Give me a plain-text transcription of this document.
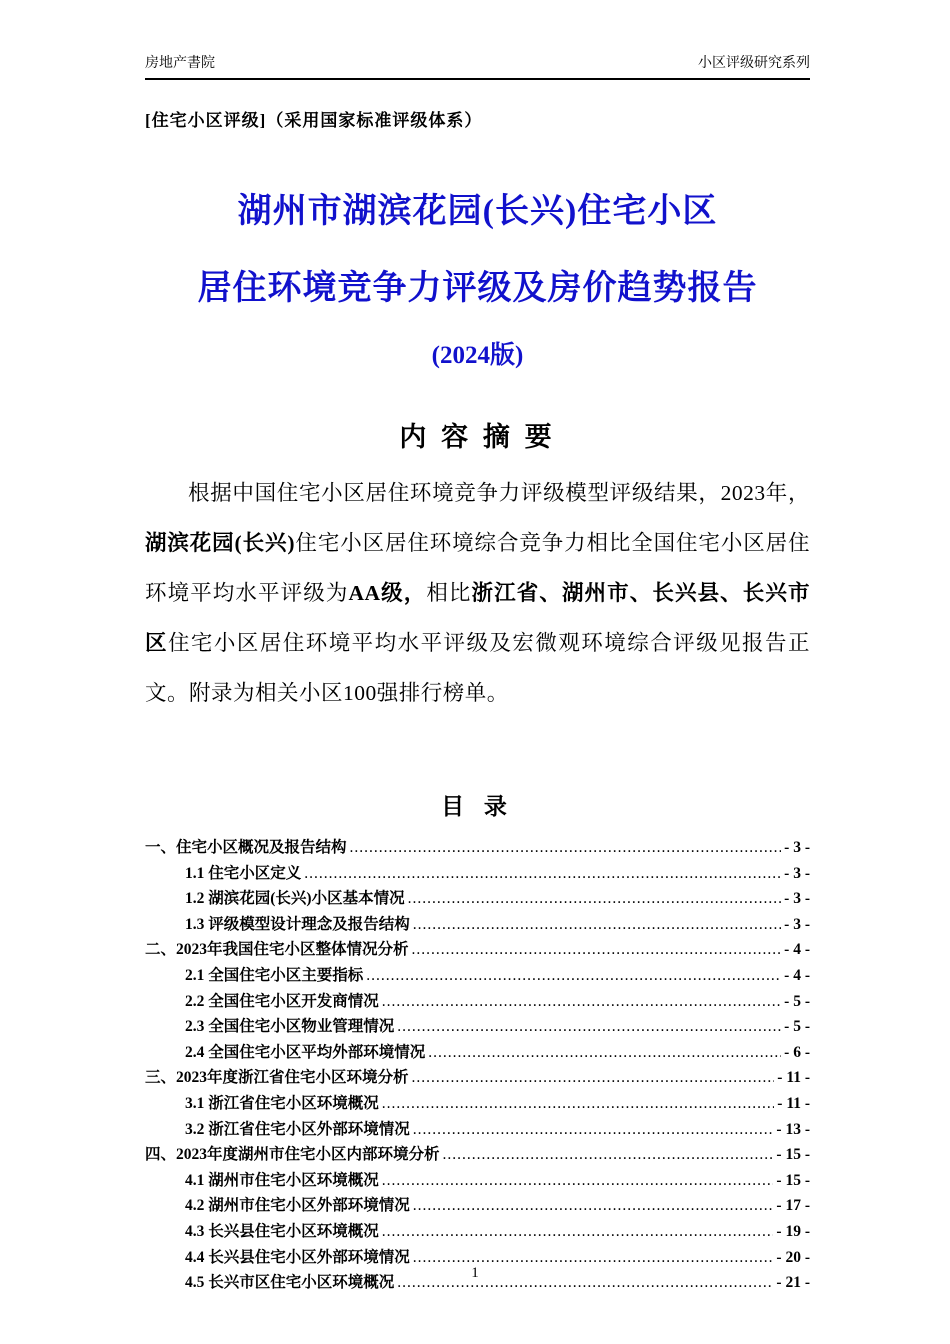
房地产書院	小区评级研究系列
[住宅小区评级]（采用国家标准评级体系）
湖州市湖滨花园(长兴)住宅小区
居住环境竞争力评级及房价趋势报告
(2024版)
内 容 摘 要

根据中国住宅小区居住环境竞争力评级模型评级结果，2023年，湖滨花园(长兴)住宅小区居住环境综合竞争力相比全国住宅小区居住环境平均水平评级为AA级，相比浙江省、湖州市、长兴县、长兴市区住宅小区居住环境平均水平评级及宏微观环境综合评级见报告正文。附录为相关小区100强排行榜单。

目 录
一、住宅小区概况及报告结构 .....	- 3 -
1.1 住宅小区定义 .....	- 3 -
1.2 湖滨花园(长兴)小区基本情况 .....	- 3 -
1.3 评级模型设计理念及报告结构 .....	- 3 -
二、2023年我国住宅小区整体情况分析 .....	- 4 -
2.1 全国住宅小区主要指标 .....	- 4 -
2.2 全国住宅小区开发商情况 .....	- 5 -
2.3 全国住宅小区物业管理情况 .....	- 5 -
2.4 全国住宅小区平均外部环境情况 .....	- 6 -
三、2023年度浙江省住宅小区环境分析 .....	- 11 -
3.1 浙江省住宅小区环境概况 .....	- 11 -
3.2 浙江省住宅小区外部环境情况 .....	- 13 -
四、2023年度湖州市住宅小区内部环境分析 .....	- 15 -
4.1 湖州市住宅小区环境概况 .....	- 15 -
4.2 湖州市住宅小区外部环境情况 .....	- 17 -
4.3 长兴县住宅小区环境概况 .....	- 19 -
4.4 长兴县住宅小区外部环境情况 .....	- 20 -
4.5 长兴市区住宅小区环境概况 .....	- 21 -
1
